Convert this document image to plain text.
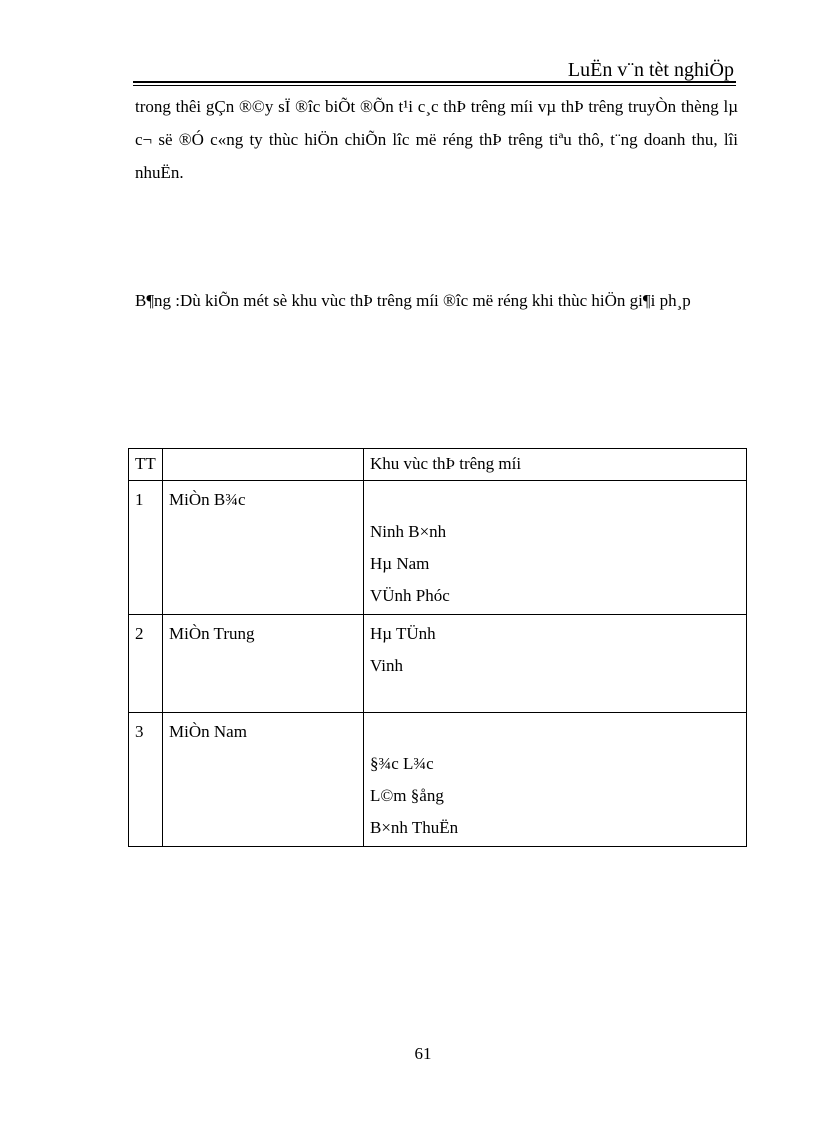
LuËn v¨n tèt nghiÖp

trong thêi gÇn ®©y sÏ ®îc biÕt ®Õn t¹i c¸c thÞ trêng míi vµ thÞ trêng truyÒn thèng lµ c¬ së ®Ó c«ng ty thùc hiÖn chiÕn lîc më réng thÞ trêng tiªu thô, t¨ng doanh thu, lîi nhuËn.

B¶ng :Dù kiÕn mét sè khu vùc thÞ trêng míi ®îc më réng khi thùc hiÖn gi¶i ph¸p

TT		Khu vùc thÞ trêng míi
1	MiÒn B¾c	Ninh B×nh
Hµ Nam
VÜnh Phóc

2	MiÒn Trung	Hµ TÜnh
Vinh

3	MiÒn Nam	§¾c L¾c
L©m §ång
B×nh ThuËn
61
